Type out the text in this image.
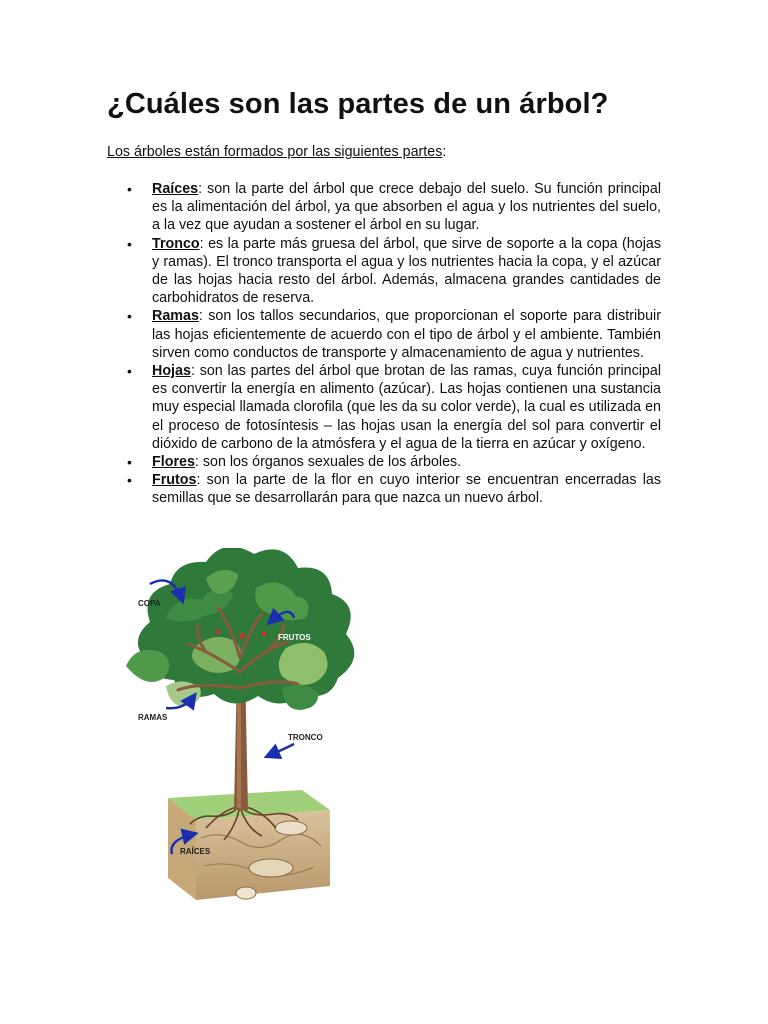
¿Cuáles son las partes de un árbol?

Los árboles están formados por las siguientes partes:

• Raíces: son la parte del árbol que crece debajo del suelo. Su función principal es la alimentación del árbol, ya que absorben el agua y los nutrientes del suelo, a la vez que ayudan a sostener el árbol en su lugar.
• Tronco: es la parte más gruesa del árbol, que sirve de soporte a la copa (hojas y ramas). El tronco transporta el agua y los nutrientes hacia la copa, y el azúcar de las hojas hacia resto del árbol. Además, almacena grandes cantidades de carbohidratos de reserva.
• Ramas: son los tallos secundarios, que proporcionan el soporte para distribuir las hojas eficientemente de acuerdo con el tipo de árbol y el ambiente. También sirven como conductos de transporte y almacenamiento de agua y nutrientes.
• Hojas: son las partes del árbol que brotan de las ramas, cuya función principal es convertir la energía en alimento (azúcar). Las hojas contienen una sustancia muy especial llamada clorofila (que les da su color verde), la cual es utilizada en el proceso de fotosíntesis – las hojas usan la energía del sol para convertir el dióxido de carbono de la atmósfera y el agua de la tierra en azúcar y oxígeno.
• Flores: son los órganos sexuales de los árboles.
• Frutos: son la parte de la flor en cuyo interior se encuentran encerradas las semillas que se desarrollarán para que nazca un nuevo árbol.
COPA
FRUTOS
RAMAS
TRONCO
RAÍCES
